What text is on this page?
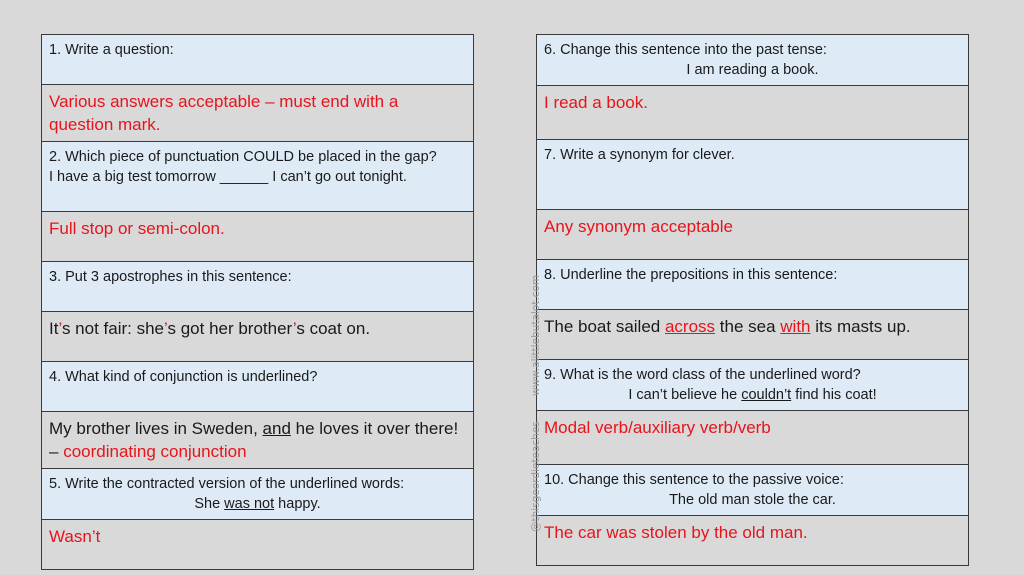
1. Write a question:

Various answers acceptable – must end with a question mark.

2. Which piece of punctuation COULD be placed in the gap?
I have a big test tomorrow ______ I can’t go out tonight.

Full stop or semi-colon.

3. Put 3 apostrophes in this sentence:

It’s not fair: she’s got her brother’s coat on.

4. What kind of conjunction is underlined?

My brother lives in Sweden, and he loves it over there! – coordinating conjunction

5. Write the contracted version of the underlined words:
She was not happy.

Wasn’t
6. Change this sentence into the past tense:
I am reading a book.

I read a book.

7. Write a synonym for clever.

Any synonym acceptable

8. Underline the prepositions in this sentence:

The boat sailed across the sea with its masts up.

9. What is the word class of the underlined word?
I can’t believe he couldn’t find his coat!

Modal verb/auxiliary verb/verb

10. Change this sentence to the passive voice:
The old man stole the car.

The car was stolen by the old man.
www.alittlebutalot.com
@thisgeordieteaches
